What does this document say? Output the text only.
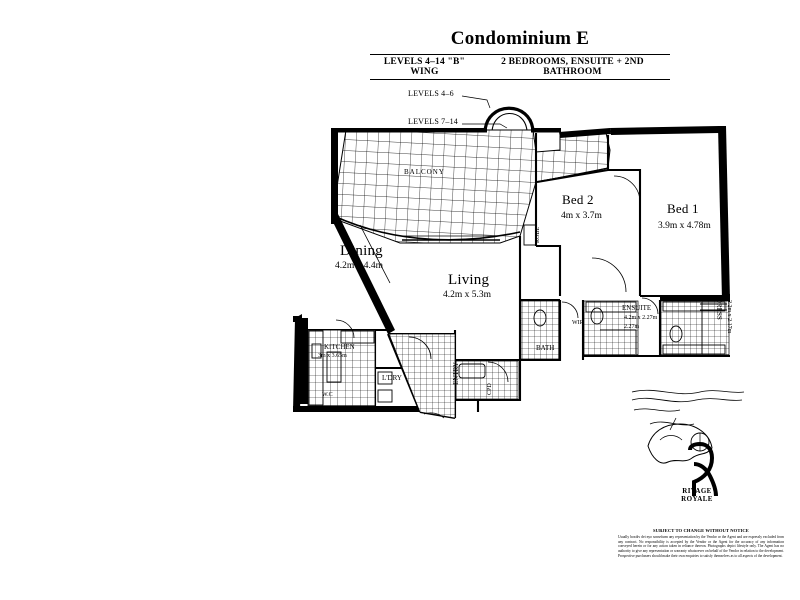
Condominium E
LEVELS 4–14 "B" WING
2 BEDROOMS, ENSUITE + 2ND BATHROOM
LEVELS 4–6
LEVELS 7–14
BALCONY
Dining
4.2m x 4.4m
Living
4.2m x 5.3m
Bed 2
4m x 3.7m	Bed 1
3.9m x 4.78m
KITCHEN
3m x 3.65m
ENSUITE
4.2m x 2.27m
2.27m
BATH
L'DRY	ENTRY
DRESS 2.2m x 2.17m
ROBE
WIR
CPD
W.C
RIVAGE
ROYALE
SUBJECT TO CHANGE WITHOUT NOTICE
Usually boxdiv dei nyo sonsefurm any representation by the Vendor or the Agent and are expressly excluded from any contract. No responsibility is accepted by the Vendor or the Agent for the accuracy of any information conveyed herein or for any action taken in reliance thereon. Photographs depict lifestyle only. The Agent has no authority to give any representation or warranty whatsoever on behalf of the Vendor in relation to the development. Prospective purchasers should make their own enquiries to satisfy themselves as to all aspects of the development.
